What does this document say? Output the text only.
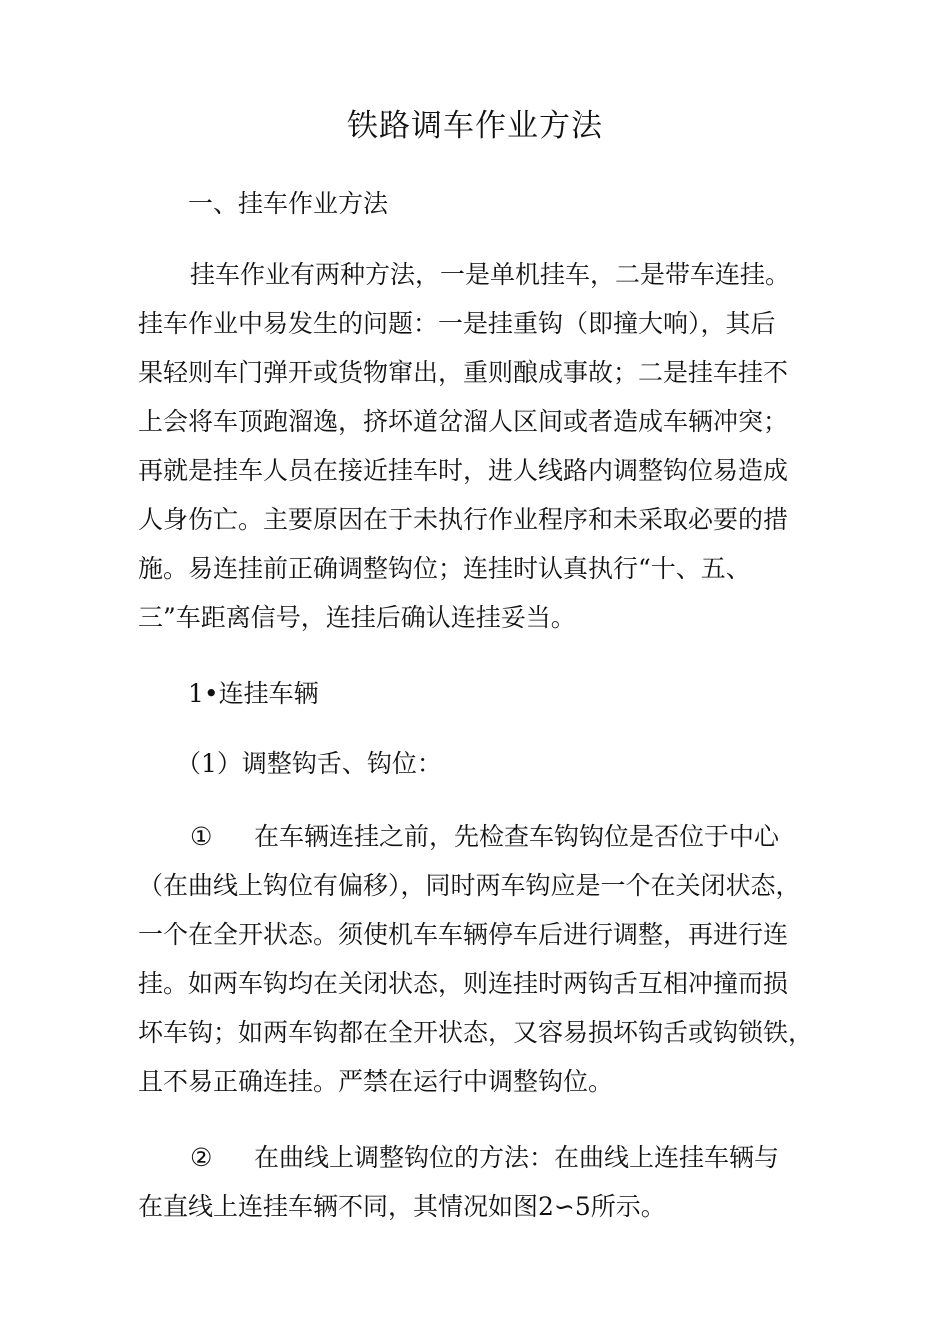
铁路调车作业方法
一、挂车作业方法
挂车作业有两种方法，一是单机挂车，二是带车连挂。
挂车作业中易发生的问题：一是挂重钩（即撞大响），其后
果轻则车门弹开或货物窜出，重则酿成事故；二是挂车挂不
上会将车顶跑溜逸，挤坏道岔溜人区间或者造成车辆冲突；
再就是挂车人员在接近挂车时，进人线路内调整钩位易造成
人身伤亡。主要原因在于未执行作业程序和未采取必要的措
施。易连挂前正确调整钩位；连挂时认真执行“十、五、
三”车距离信号，连挂后确认连挂妥当。
1•连挂车辆
（1）调整钩舌、钩位：
① 在车辆连挂之前，先检查车钩钩位是否位于中心
（在曲线上钩位有偏移），同时两车钩应是一个在关闭状态，
一个在全开状态。须使机车车辆停车后进行调整，再进行连
挂。如两车钩均在关闭状态，则连挂时两钩舌互相冲撞而损
坏车钩；如两车钩都在全开状态，又容易损坏钩舌或钩锁铁，
且不易正确连挂。严禁在运行中调整钩位。
② 在曲线上调整钩位的方法：在曲线上连挂车辆与
在直线上连挂车辆不同，其情况如图2∽5所示。
